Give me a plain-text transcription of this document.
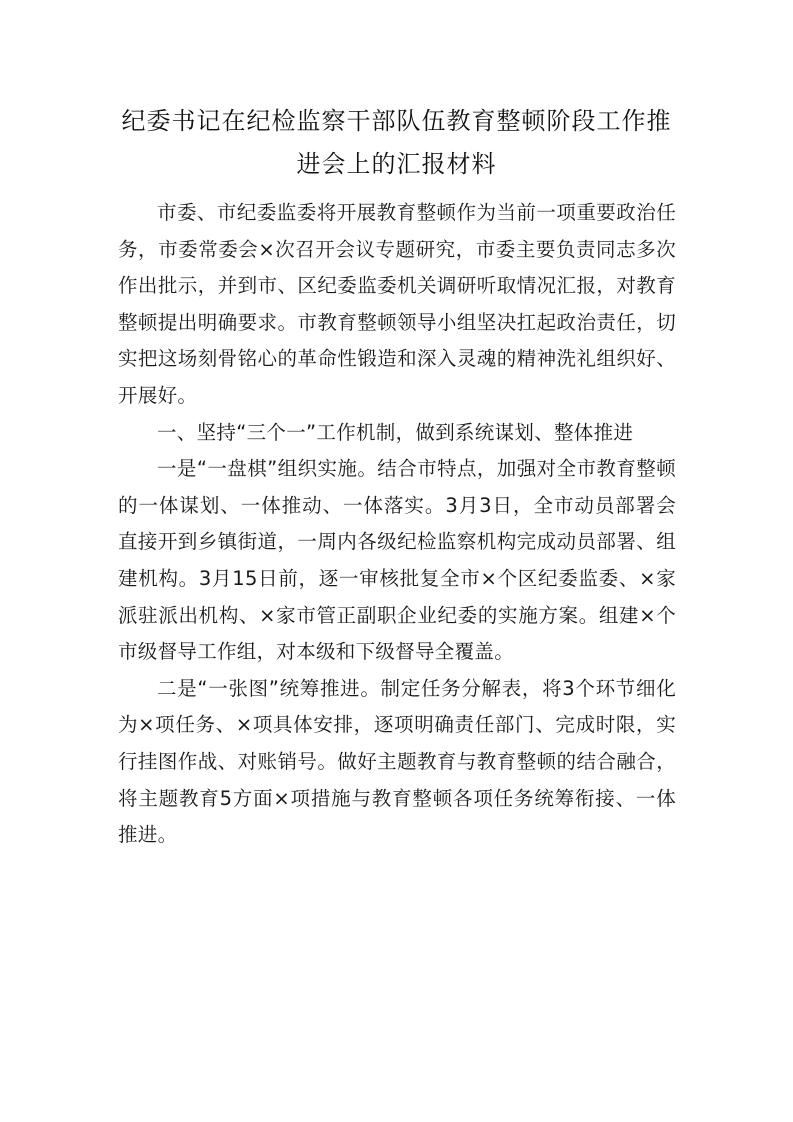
纪委书记在纪检监察干部队伍教育整顿阶段工作推
进会上的汇报材料

市委、市纪委监委将开展教育整顿作为当前一项重要政治任务，市委常委会×次召开会议专题研究，市委主要负责同志多次作出批示，并到市、区纪委监委机关调研听取情况汇报，对教育整顿提出明确要求。市教育整顿领导小组坚决扛起政治责任，切实把这场刻骨铭心的革命性锻造和深入灵魂的精神洗礼组织好、开展好。

一、坚持“三个一”工作机制，做到系统谋划、整体推进

一是“一盘棋”组织实施。结合市特点，加强对全市教育整顿的一体谋划、一体推动、一体落实。3月3日，全市动员部署会直接开到乡镇街道，一周内各级纪检监察机构完成动员部署、组建机构。3月15日前，逐一审核批复全市×个区纪委监委、×家派驻派出机构、×家市管正副职企业纪委的实施方案。组建×个市级督导工作组，对本级和下级督导全覆盖。

二是“一张图”统筹推进。制定任务分解表，将3个环节细化为×项任务、×项具体安排，逐项明确责任部门、完成时限，实行挂图作战、对账销号。做好主题教育与教育整顿的结合融合，将主题教育5方面×项措施与教育整顿各项任务统筹衔接、一体推进。
